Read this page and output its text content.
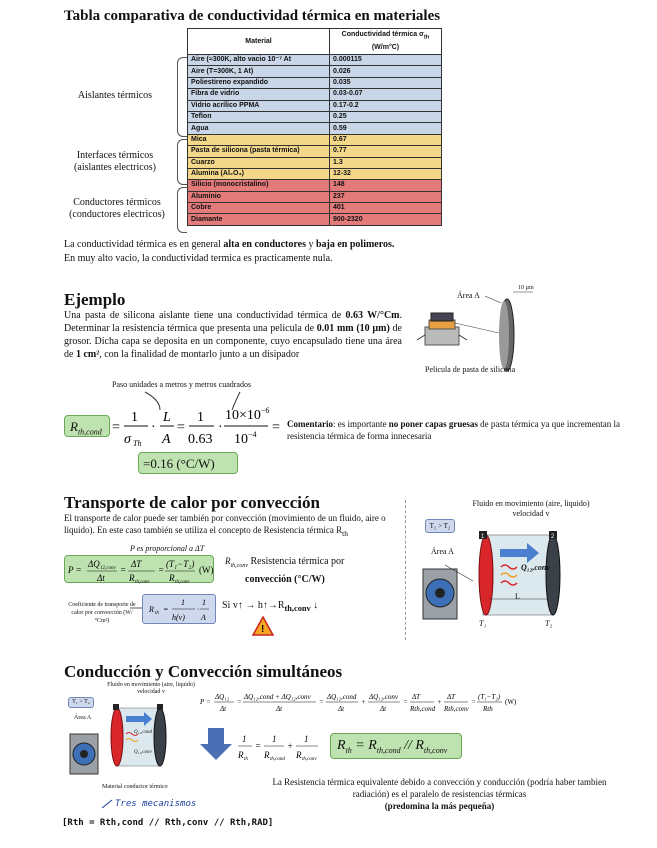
Tabla comparativa de conductividad térmica en materiales
Material	Conductividad térmica $\sigma_{th}$
(W/m°C)
Aire (≈300K, alto vacio 10⁻⁷ At	0.000115
Aire (T=300K, 1 At)	0.026
Poliestireno expandido	0.035
Fibra de vidrio	0.03-0.07
Vidrio acrílico PPMA	0.17-0.2
Teflon	0.25
Agua	0.59
Mica	0.67
Pasta de silicona (pasta térmica)	0.77
Cuarzo	1.3
Alumina (Al₂O₃)	12-32
Silicio (monocristalino)	148
Aluminio	237
Cobre	401
Diamante	900-2320
Aislantes térmicos
Interfaces térmicos
(aislantes electricos)
Conductores térmicos
(conductores electricos)

La conductividad térmica es en general alta en conductores y baja en polimeros.

En muy alto vacio, la conductividad termica es practicamente nula.

Ejemplo

Una pasta de silicona aislante tiene una conductividad térmica de 0.63 W/°Cm. Determinar la resistencia térmica que presenta una pelicula de 0.01 mm (10 µm) de grosor. Dicha capa se deposita en un componente, cuyo encapsulado tiene una área de 1 cm², con la finalidad de montarlo junto a un disipador

Área A
10 µm
Pelicula de pasta de silicona
Paso unidades a metros y metros cuadrados
$R_{th,cond}$ =
1
σ Th
·
L
A
=
1
0.63
·
$10\times 10^{-6}$
$10^{-4}$ =
=0.16 (°C/W)

Comentario: es importante no poner capas gruesas de pasta térmica ya que incrementan la resistencia térmica de forma innecesaria

Transporte de calor por convección

El transporte de calor puede ser también por convección (movimiento de un fluido, aire o liquido). En este caso también se utiliza el concepto de Resistencia térmica $R_{th}$

P es proporcional a ΔT
P =
ΔQ 12,conv
Δt
=
ΔT
R th,conv
=
(T₁−T₂)
R th,conv
(W)
$R_{th,conv}$ Resistencia térmica por
convección (°C/W)
Coeficiente de transporte de calor por convección (W/°Cm²)
R th =
1
h(v)
·
1
A
Si v↑ → $h↑\to R_{th,conv}$ ↓
!
Fluido en movimiento (aire, liquido) velocidad v
T₁ > T₂
Área A
1	2
Q₁₂,conv
L
T₁	T₂
Conducción y Convección simultáneos
Fluido en movimiento (aire, liquido) velocidad v
T₁ > T₂
Área A
Q₁₂,cond
Q₁₂,conv
Material conductor térmico
P =
ΔQ₁₂
Δt
=
ΔQ₁₂,cond + ΔQ₁₂,conv
Δt
=
ΔQ₁₂,cond
Δt
+
ΔQ₁₂,conv
Δt
=
ΔT
Rth,cond
+
ΔT
Rth,conv
=
(T₁−T₂)
Rth
(W)
1
R th
=
1
R th,cond
+
1
R th,conv
$R_{th} = R_{th,cond} // R_{th,conv}$

La Resistencia térmica equivalente debido a convección y conducción (podría haber tambien radiación) es el paralelo de resistencias térmicas
(predomina la más pequeña)

Tres mecanismos
[Rth = Rth,cond // Rth,conv // Rth,RAD]
